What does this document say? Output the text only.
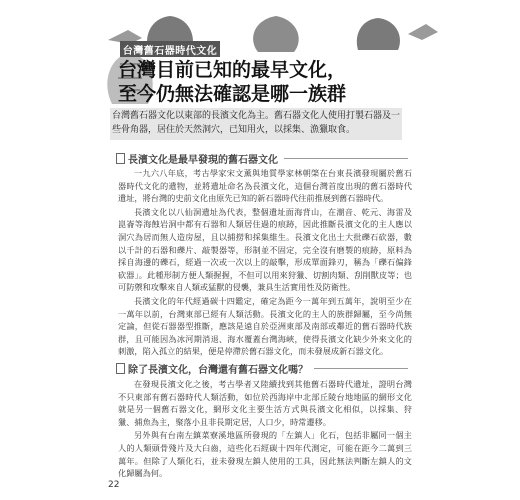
台灣舊石器時代文化
台灣目前已知的最早文化，
至今仍無法確認是哪一族群
台灣舊石器文化以東部的長濱文化為主。舊石器文化人使用打製石器及一些骨角器，居住於天然洞穴，已知用火，以採集、漁獵取食。
長濱文化是最早發現的舊石器文化

一九六八年底，考古學家宋文薰與地質學家林朝棨在台東長濱發現屬於舊石器時代文化的遺物，並將遺址命名為長濱文化，這個台灣首度出現的舊石器時代遺址，將台灣的史前文化由原先已知的新石器時代往前推展到舊石器時代。

長濱文化以八仙洞遺址為代表，整個遺址面海背山，在潮音、乾元、海雷及崑崙等海蝕岩洞中都有石器和人類居住過的痕跡，因此推斷長濱文化的主人應以洞穴為居而無人造房屋，且以捕撈和採集維生。長濱文化出土大批礫石砍器，數以千計的石器和礫片、敲製器等，形制並不固定，完全沒有磨製的痕跡，原料為採自海邊的礫石，經過一次或一次以上的敲擊，形成單面鋒刃，稱為「礫石偏鋒砍器」。此種形制方便人類握握，不但可以用來狩獵、切割肉類、刮削獸皮等；也可防禦和攻擊來自人類或猛獸的侵襲，兼具生活實用性及防衛性。

長濱文化的年代經過碳十四鑑定，確定為距今一萬年到五萬年，說明至少在一萬年以前，台灣東部已經有人類活動。長濱文化的主人的族群歸屬，至今尚無定論，但從石器器型推斷，應該是遠自於亞洲東部及南部或鄰近的舊石器時代族群，且可能因為冰河期消退、海水覆蓋台灣海峽，使得長濱文化缺少外來文化的刺激，陷入孤立的結果，便是停滯於舊石器文化，而未發展成新石器文化。

除了長濱文化，台灣還有舊石器文化嗎？

在發現長濱文化之後，考古學者又陸續找到其他舊石器時代遺址，證明台灣不只東部有舊石器時代人類活動，如位於西海岸中北部丘陵台地地區的網形文化就是另一個舊石器文化，網形文化主要生活方式與長濱文化相似，以採集、狩獵、捕魚為主，聚落小且非長期定居，人口少，時常遷移。

另外與有台南左鎮菜寮溪地區所發現的「左鎮人」化石，包括非屬同一個主人的人類頭骨殘片及大臼齒，這些化石經碳十四年代測定，可能在距今二萬到三萬年。但除了人類化石，並未發現左鎮人使用的工具，因此無法判斷左鎮人的文化歸屬為何。

22
